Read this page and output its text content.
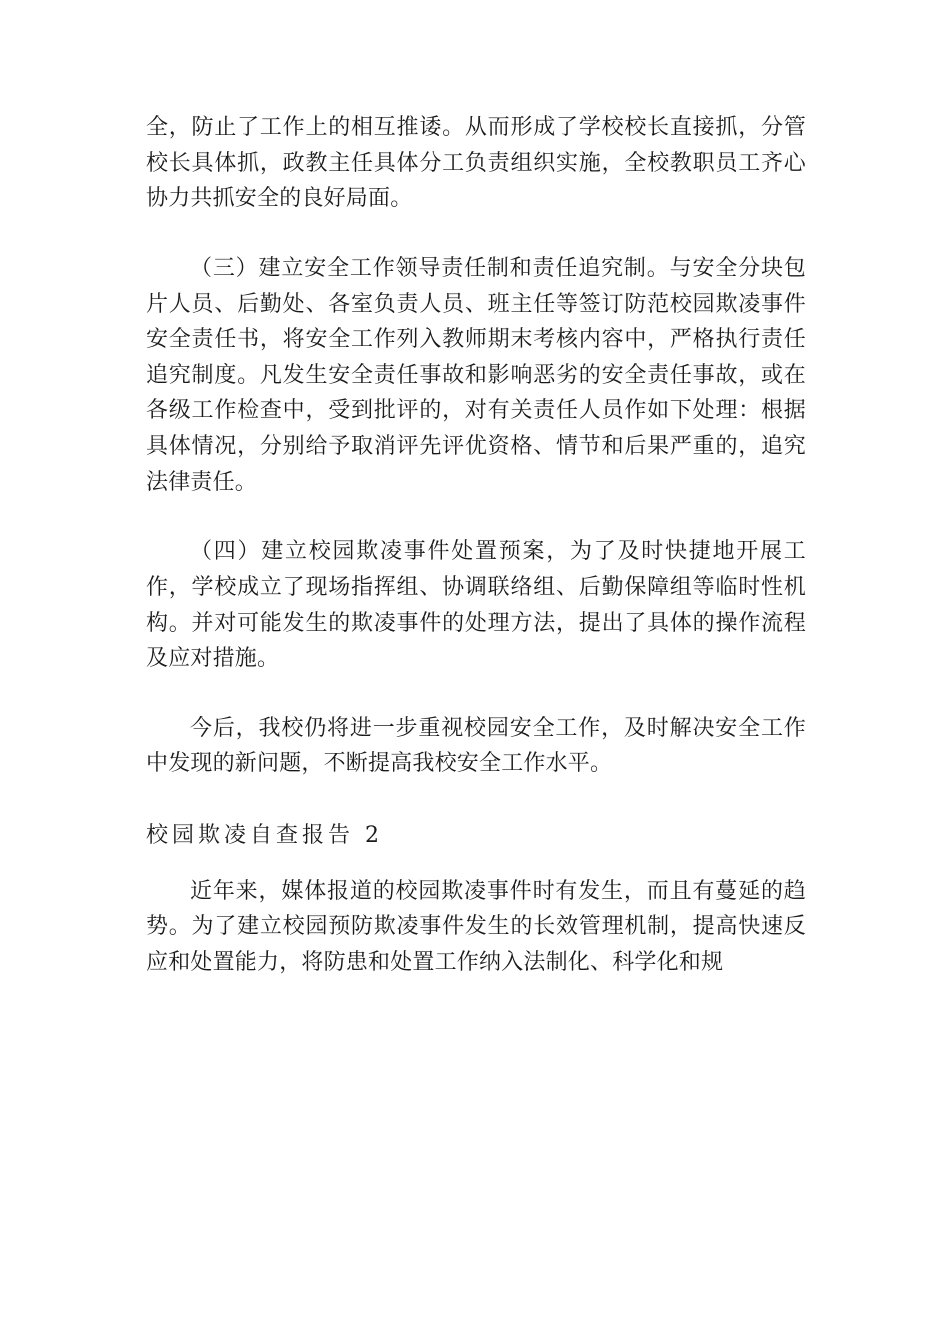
全，防止了工作上的相互推诿。从而形成了学校校长直接抓，分管校长具体抓，政教主任具体分工负责组织实施，全校教职员工齐心协力共抓安全的良好局面。

（三）建立安全工作领导责任制和责任追究制。与安全分块包片人员、后勤处、各室负责人员、班主任等签订防范校园欺凌事件安全责任书，将安全工作列入教师期末考核内容中，严格执行责任追究制度。凡发生安全责任事故和影响恶劣的安全责任事故，或在各级工作检查中，受到批评的，对有关责任人员作如下处理：根据具体情况，分别给予取消评先评优资格、情节和后果严重的，追究法律责任。

（四）建立校园欺凌事件处置预案，为了及时快捷地开展工作，学校成立了现场指挥组、协调联络组、后勤保障组等临时性机构。并对可能发生的欺凌事件的处理方法，提出了具体的操作流程及应对措施。

今后，我校仍将进一步重视校园安全工作，及时解决安全工作中发现的新问题，不断提高我校安全工作水平。

校园欺凌自查报告 2

近年来，媒体报道的校园欺凌事件时有发生，而且有蔓延的趋势。为了建立校园预防欺凌事件发生的长效管理机制，提高快速反应和处置能力，将防患和处置工作纳入法制化、科学化和规
